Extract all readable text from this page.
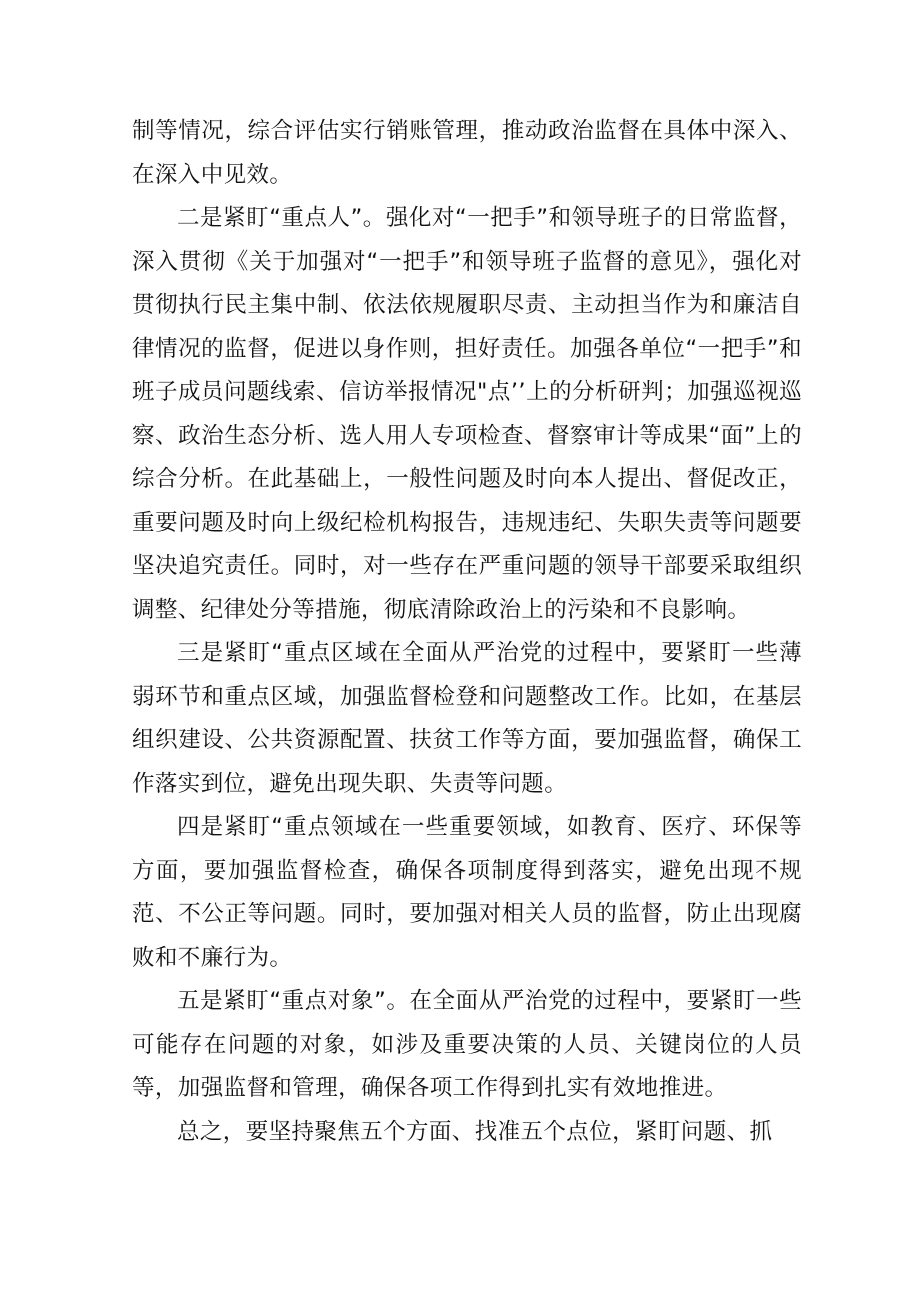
制等情况，综合评估实行销账管理，推动政治监督在具体中深入、在深入中见效。

二是紧盯“重点人”。强化对“一把手”和领导班子的日常监督，深入贯彻《关于加强对“一把手”和领导班子监督的意见》，强化对贯彻执行民主集中制、依法依规履职尽责、主动担当作为和廉洁自律情况的监督，促进以身作则，担好责任。加强各单位“一把手”和班子成员问题线索、信访举报情况"点’’上的分析研判；加强巡视巡察、政治生态分析、选人用人专项检查、督察审计等成果“面”上的综合分析。在此基础上，一般性问题及时向本人提出、督促改正，重要问题及时向上级纪检机构报告，违规违纪、失职失责等问题要坚决追究责任。同时，对一些存在严重问题的领导干部要采取组织调整、纪律处分等措施，彻底清除政治上的污染和不良影响。

三是紧盯“重点区域在全面从严治党的过程中，要紧盯一些薄弱环节和重点区域，加强监督检登和问题整改工作。比如，在基层组织建设、公共资源配置、扶贫工作等方面，要加强监督，确保工作落实到位，避免出现失职、失责等问题。

四是紧盯“重点领域在一些重要领域，如教育、医疗、环保等方面，要加强监督检查，确保各项制度得到落实，避免出现不规范、不公正等问题。同时，要加强对相关人员的监督，防止出现腐败和不廉行为。

五是紧盯“重点对象”。在全面从严治党的过程中，要紧盯一些可能存在问题的对象，如涉及重要决策的人员、关键岗位的人员等，加强监督和管理，确保各项工作得到扎实有效地推进。

总之，要坚持聚焦五个方面、找准五个点位，紧盯问题、抓
